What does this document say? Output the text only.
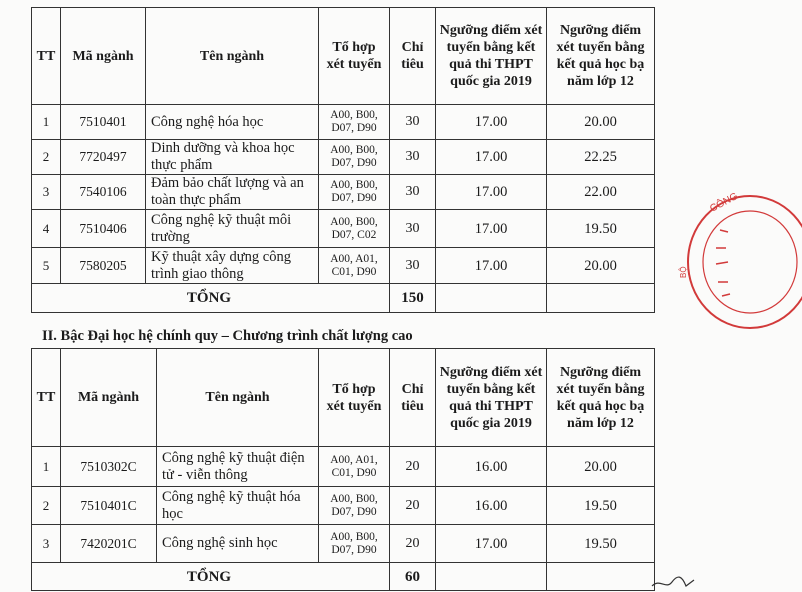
TT	Mã ngành	Tên ngành	Tổ hợp xét tuyển	Chỉ tiêu	Ngưỡng điểm xét tuyển bằng kết quả thi THPT quốc gia 2019	Ngưỡng điểm xét tuyển bằng kết quả học bạ năm lớp 12
1	7510401	Công nghệ hóa học	A00, B00, D07, D90	30	17.00	20.00
2	7720497	Dinh dưỡng và khoa học thực phẩm	A00, B00, D07, D90	30	17.00	22.25
3	7540106	Đảm bảo chất lượng và an toàn thực phẩm	A00, B00, D07, D90	30	17.00	22.00
4	7510406	Công nghệ kỹ thuật môi trường	A00, B00, D07, C02	30	17.00	19.50
5	7580205	Kỹ thuật xây dựng công trình giao thông	A00, A01, C01, D90	30	17.00	20.00
TỔNG				150		
II. Bậc Đại học hệ chính quy – Chương trình chất lượng cao
TT	Mã ngành	Tên ngành	Tổ hợp xét tuyển	Chỉ tiêu	Ngưỡng điểm xét tuyển bằng kết quả thi THPT quốc gia 2019	Ngưỡng điểm xét tuyển bằng kết quả học bạ năm lớp 12
1	7510302C	Công nghệ kỹ thuật điện tử - viễn thông	A00, A01, C01, D90	20	16.00	20.00
2	7510401C	Công nghệ kỹ thuật hóa học	A00, B00, D07, D90	20	16.00	19.50
3	7420201C	Công nghệ sinh học	A00, B00, D07, D90	20	17.00	19.50
TỔNG				60		
CÔNG
BỘ
